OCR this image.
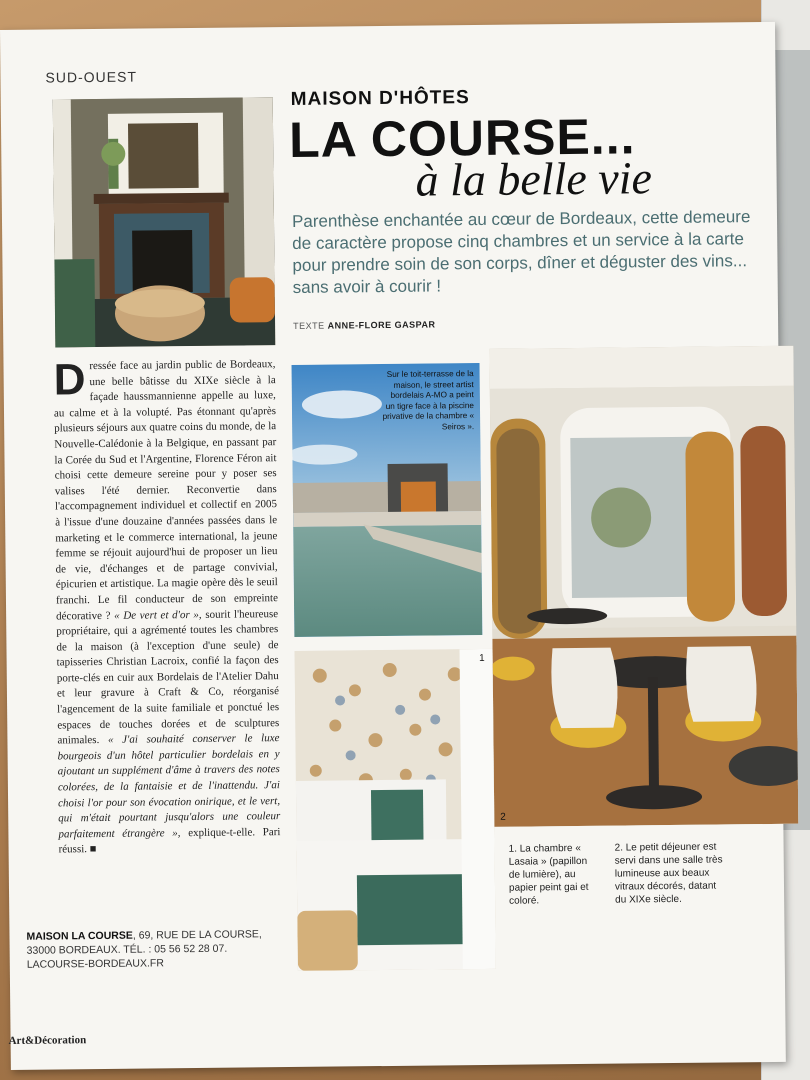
SUD-OUEST
MAISON D'HÔTES
LA COURSE...
à la belle vie
Parenthèse enchantée au cœur de Bordeaux, cette demeure de caractère propose cinq chambres et un service à la carte pour prendre soin de son corps, dîner et déguster des vins... sans avoir à courir !
TEXTE ANNE-FLORE GASPAR
D ressée face au jardin public de Bordeaux, une belle bâtisse du XIXe siècle à la façade haussmannienne appelle au luxe, au calme et à la volupté. Pas étonnant qu'après plusieurs séjours aux quatre coins du monde, de la Nouvelle-Calédonie à la Belgique, en passant par la Corée du Sud et l'Argentine, Florence Féron ait choisi cette demeure sereine pour y poser ses valises l'été dernier. Reconvertie dans l'accompagnement individuel et collectif en 2005 à l'issue d'une douzaine d'années passées dans le marketing et le commerce international, la jeune femme se réjouit aujourd'hui de proposer un lieu de vie, d'échanges et de partage convivial, épicurien et artistique. La magie opère dès le seuil franchi. Le fil conducteur de son empreinte décorative ? « De vert et d'or », sourit l'heureuse propriétaire, qui a agrémenté toutes les chambres de la maison (à l'exception d'une seule) de tapisseries Christian Lacroix, confié la façon des porte-clés en cuir aux Bordelais de l'Atelier Dahu et leur gravure à Craft & Co, réorganisé l'agencement de la suite familiale et ponctué les espaces de touches dorées et de sculptures animales. « J'ai souhaité conserver le luxe bourgeois d'un hôtel particulier bordelais en y ajoutant un supplément d'âme à travers des notes colorées, de la fantaisie et de l'inattendu. J'ai choisi l'or pour son évocation onirique, et le vert, qui m'était pourtant jusqu'alors une couleur parfaitement étrangère », explique-t-elle. Pari réussi. ■
MAISON LA COURSE, 69, RUE DE LA COURSE,
33000 BORDEAUX. TÉL. : 05 56 52 28 07.
LACOURSE-BORDEAUX.FR
Art&Décoration
Sur le toit-terrasse de la maison, le street artist bordelais A-MO a peint un tigre face à la piscine privative de la chambre « Seiros ».
1
2
1. La chambre « Lasaia » (papillon de lumière), au papier peint gai et coloré.
2. Le petit déjeuner est servi dans une salle très lumineuse aux beaux vitraux décorés, datant du XIXe siècle.
